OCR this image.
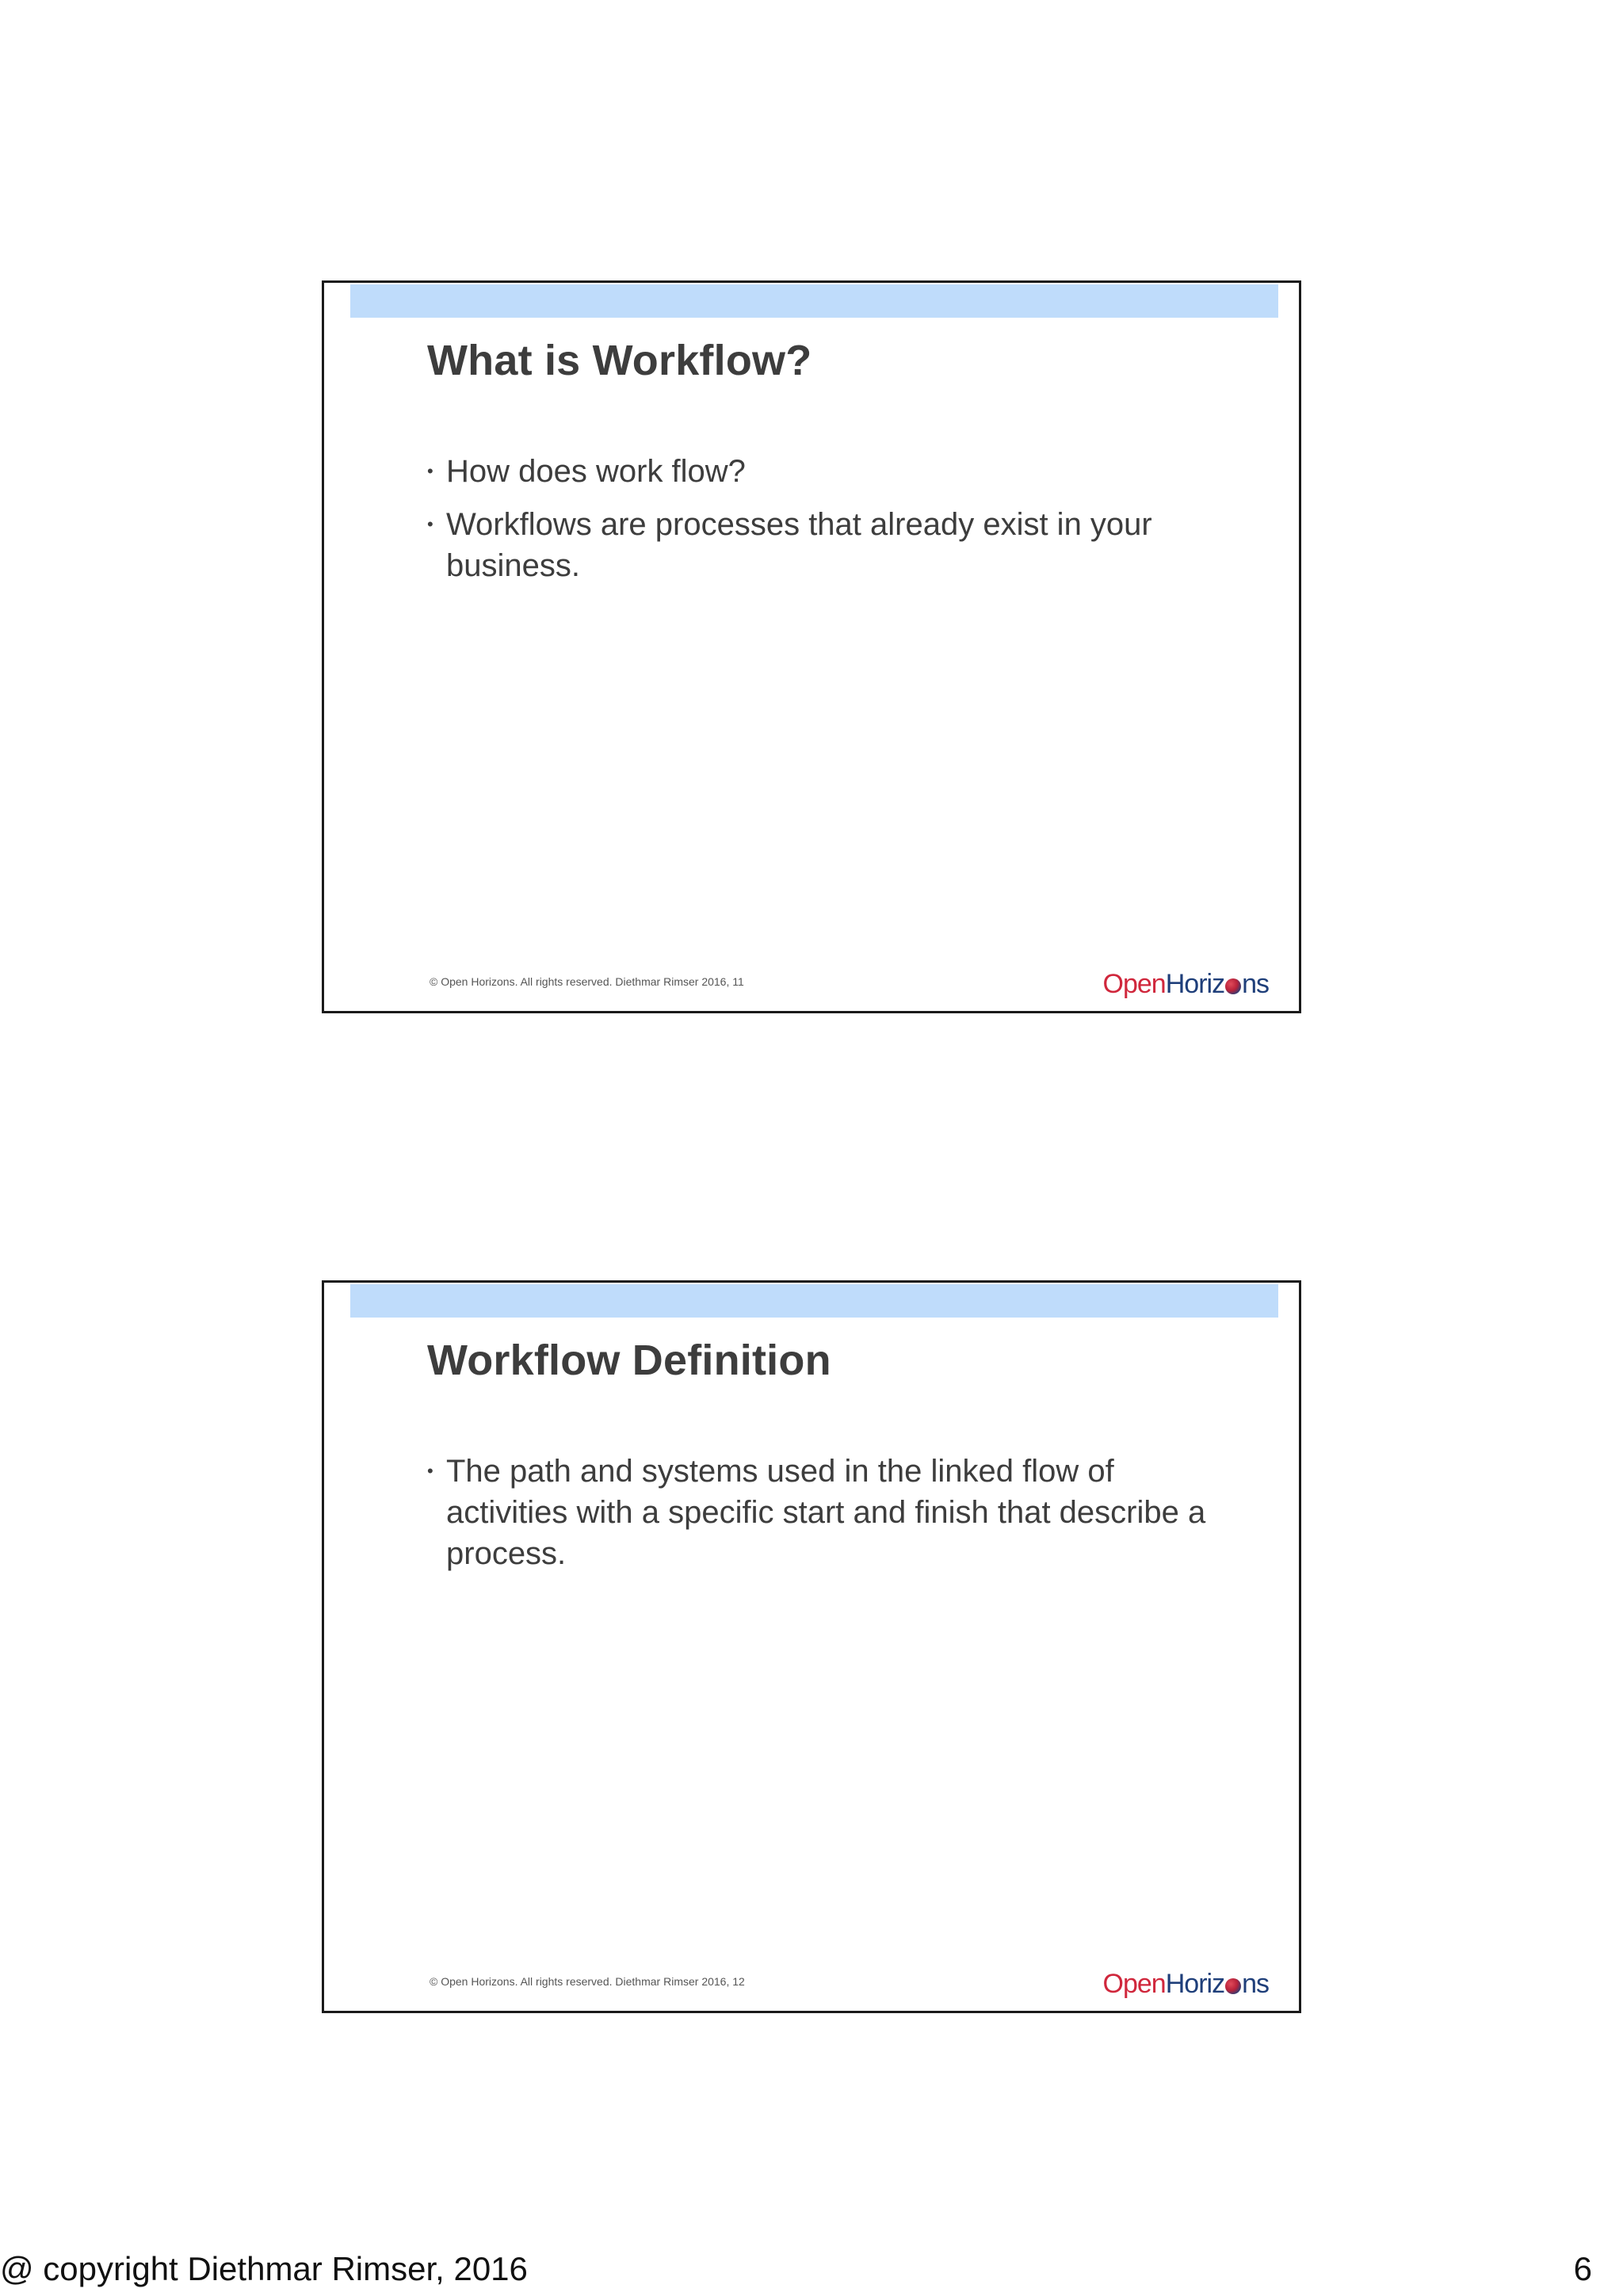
What is Workflow?
• How does work flow?
• Workflows are processes that already exist in your business.
© Open Horizons. All rights reserved. Diethmar Rimser 2016, 11	OpenHoriz ns
Workflow Definition
• The path and systems used in the linked flow of activities with a specific start and finish that describe a process.
© Open Horizons. All rights reserved. Diethmar Rimser 2016, 12	OpenHoriz ns
@ copyright Diethmar Rimser, 2016	6
